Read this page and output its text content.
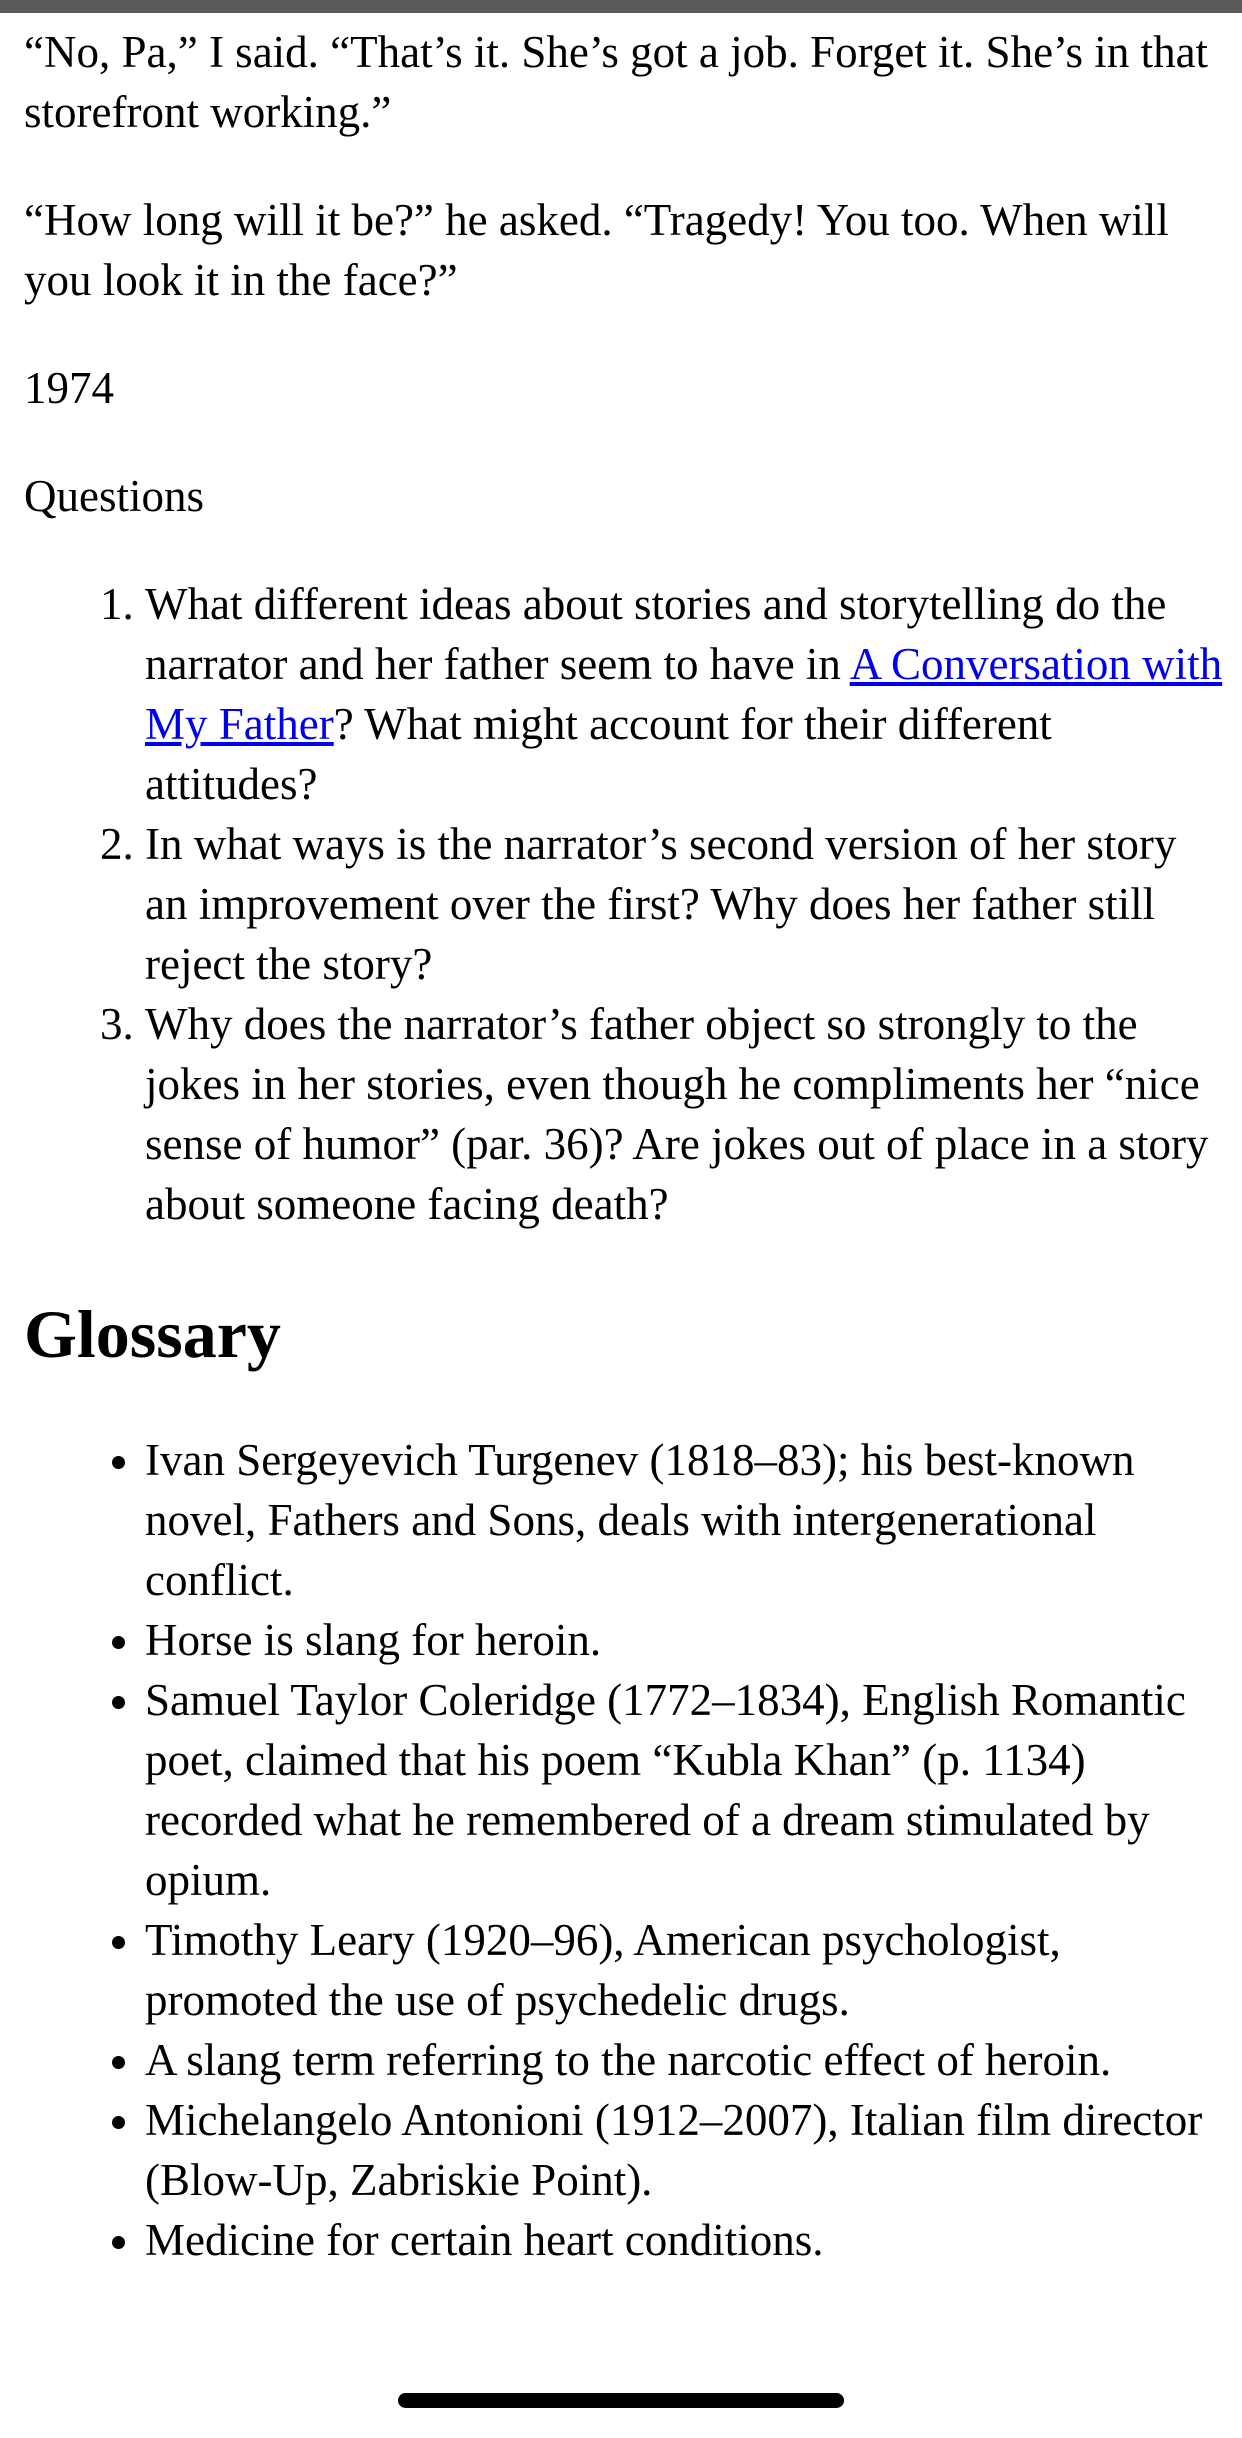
“No, Pa,” I said. “That’s it. She’s got a job. Forget it. She’s in that storefront working.”

“How long will it be?” he asked. “Tragedy! You too. When will you look it in the face?”

1974

Questions

1. What different ideas about stories and storytelling do the narrator and her father seem to have in A Conversation with My Father? What might account for their different attitudes?
2. In what ways is the narrator’s second version of her story an improvement over the first? Why does her father still reject the story?
3. Why does the narrator’s father object so strongly to the jokes in her stories, even though he compliments her “nice sense of humor” (par. 36)? Are jokes out of place in a story about someone facing death?
Glossary
• Ivan Sergeyevich Turgenev (1818–83); his best-known novel, Fathers and Sons, deals with intergenerational conflict.
• Horse is slang for heroin.
• Samuel Taylor Coleridge (1772–1834), English Romantic poet, claimed that his poem “Kubla Khan” (p. 1134) recorded what he remembered of a dream stimulated by opium.
• Timothy Leary (1920–96), American psychologist, promoted the use of psychedelic drugs.
• A slang term referring to the narcotic effect of heroin.
• Michelangelo Antonioni (1912–2007), Italian film director (Blow-Up, Zabriskie Point).
• Medicine for certain heart conditions.
